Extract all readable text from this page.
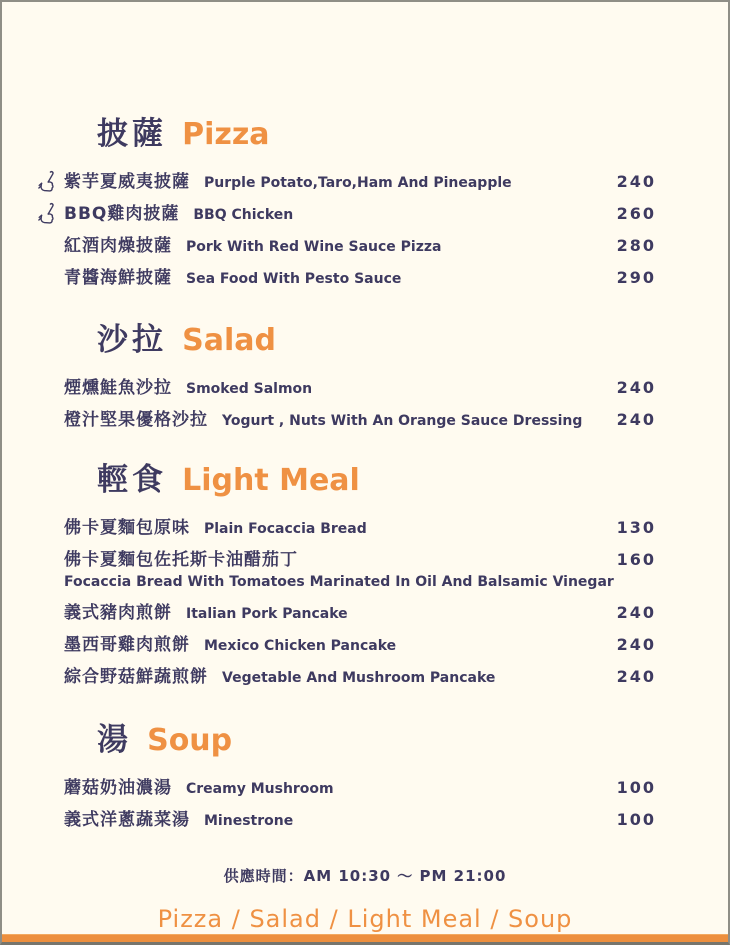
披薩 Pizza
紫芋夏威夷披薩 Purple Potato,Taro,Ham And Pineapple	240
BBQ雞肉披薩 BBQ Chicken	260
紅酒肉燥披薩 Pork With Red Wine Sauce Pizza	280
青醬海鮮披薩 Sea Food With Pesto Sauce	290
沙拉 Salad
煙燻鮭魚沙拉 Smoked Salmon	240
橙汁堅果優格沙拉 Yogurt , Nuts With An Orange Sauce Dressing 240
輕食 Light Meal
佛卡夏麵包原味 Plain Focaccia Bread	130
佛卡夏麵包佐托斯卡油醋茄丁	160
Focaccia Bread With Tomatoes Marinated In Oil And Balsamic Vinegar
義式豬肉煎餅 Italian Pork Pancake	240
墨西哥雞肉煎餅 Mexico Chicken Pancake	240
綜合野菇鮮蔬煎餅 Vegetable And Mushroom Pancake	240
湯 Soup
蘑菇奶油濃湯 Creamy Mushroom	100
義式洋蔥蔬菜湯 Minestrone	100
供應時間：AM 10:30 ～ PM 21:00
Pizza / Salad / Light Meal / Soup
